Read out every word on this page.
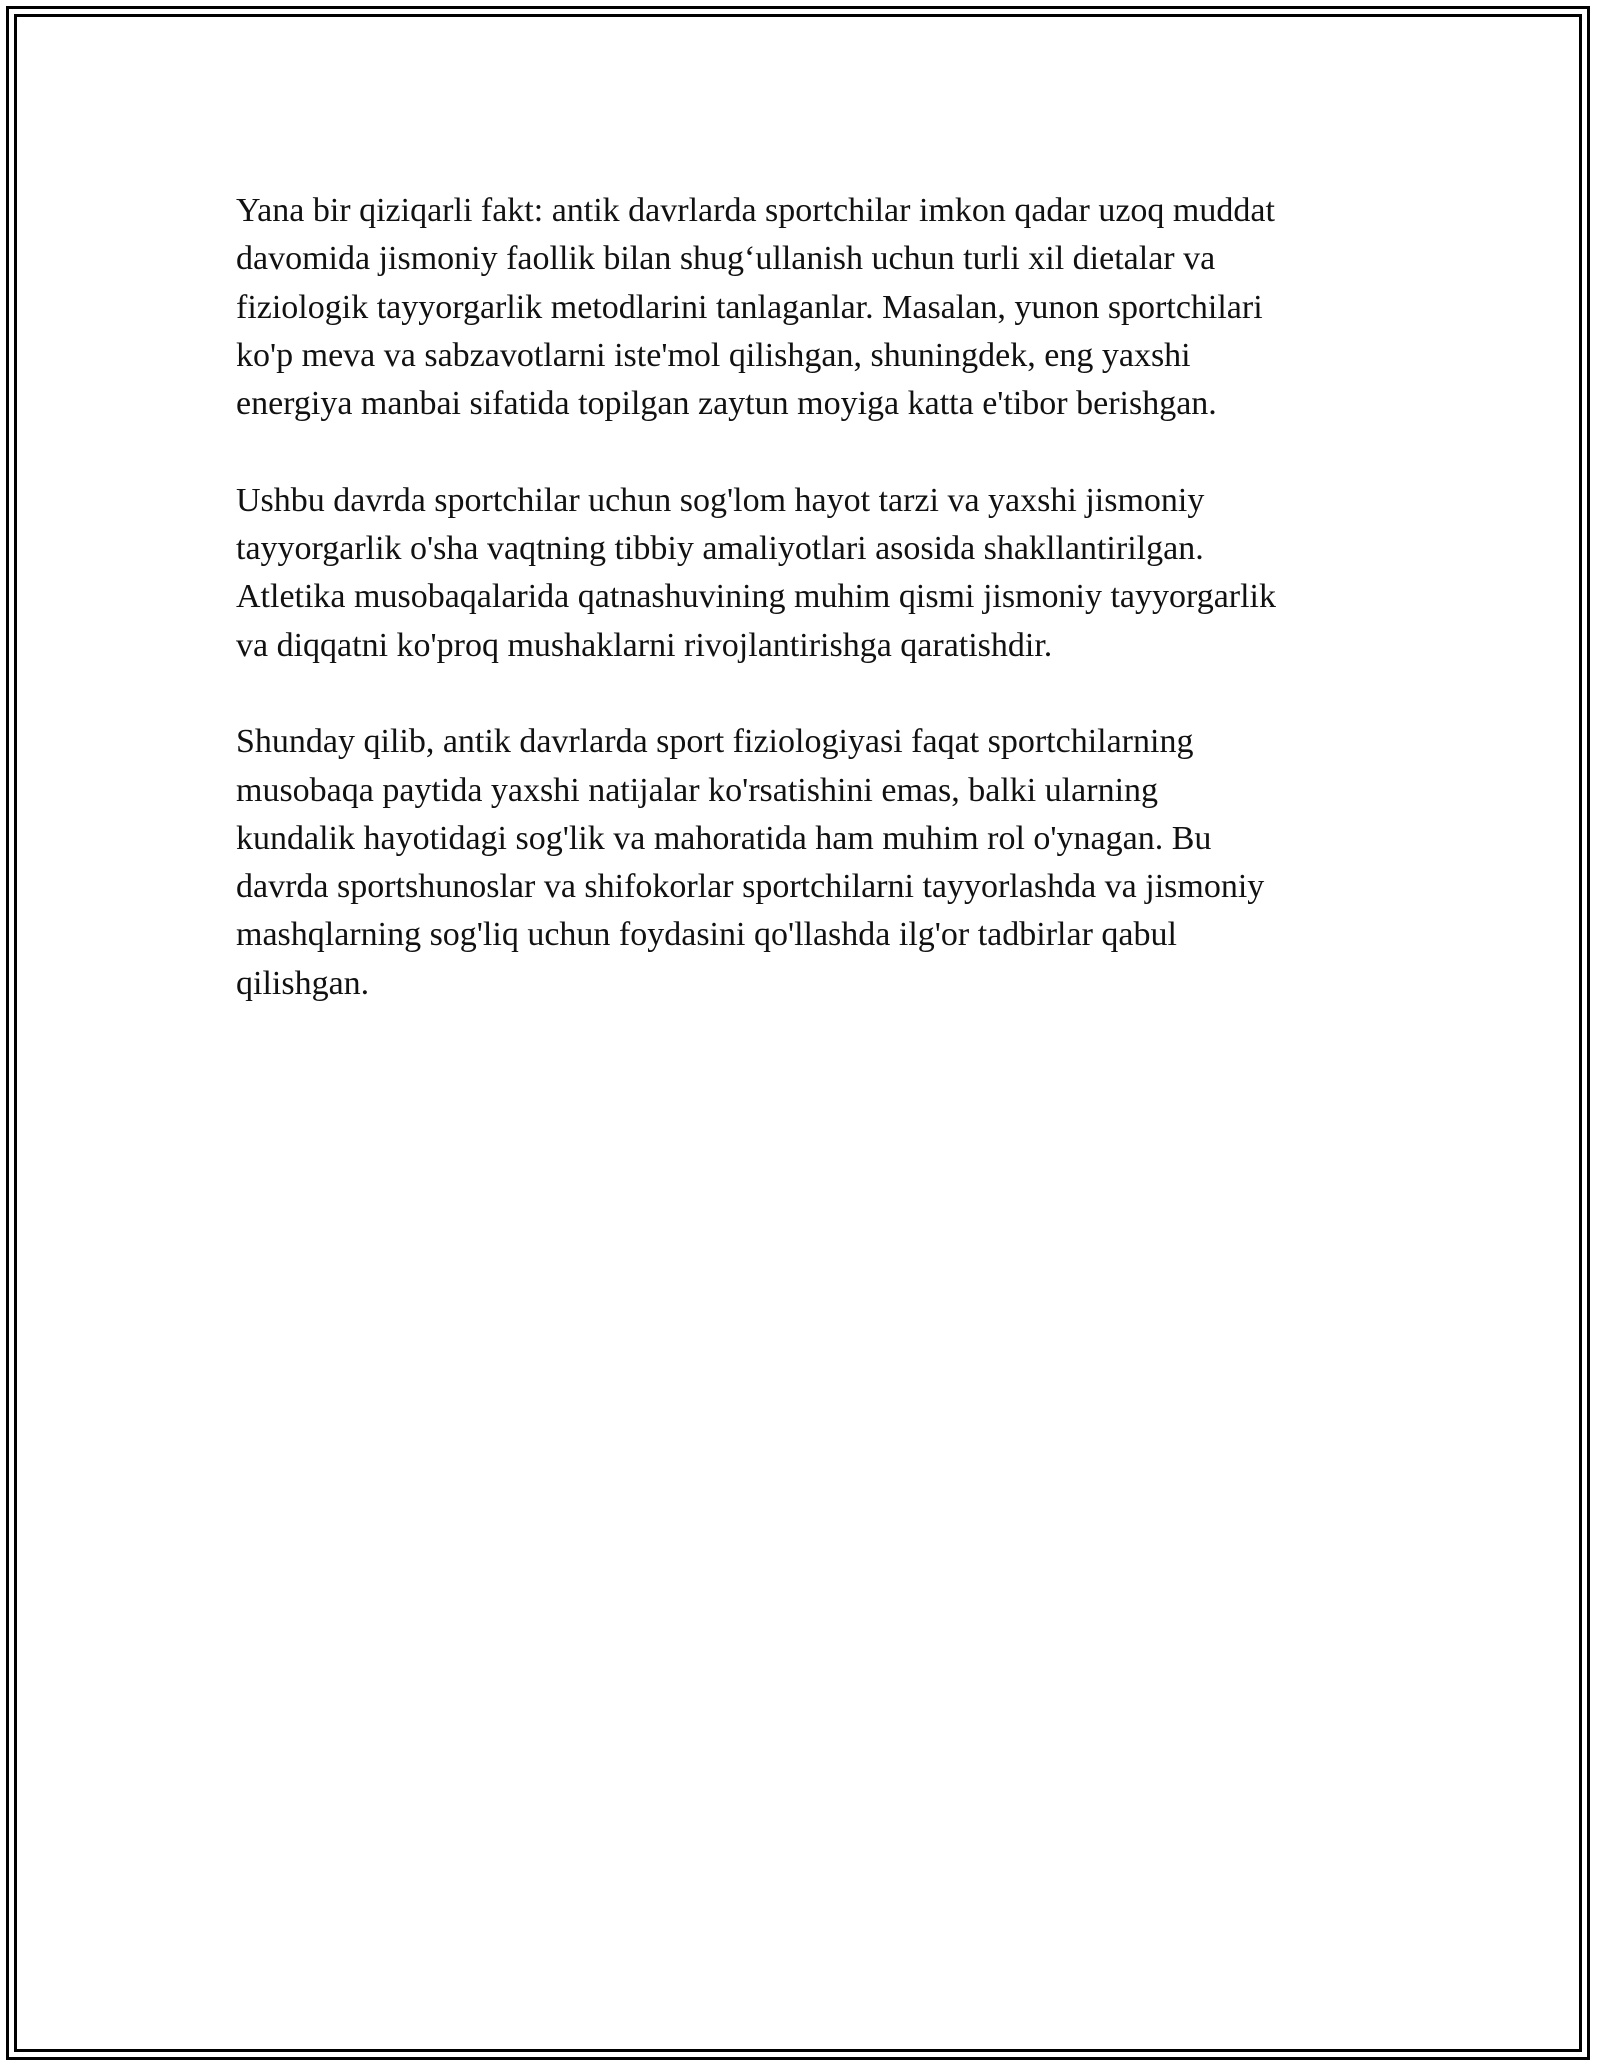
Yana bir qiziqarli fakt: antik davrlarda sportchilar imkon qadar uzoq muddat
davomida jismoniy faollik bilan shug‘ullanish uchun turli xil dietalar va
fiziologik tayyorgarlik metodlarini tanlaganlar. Masalan, yunon sportchilari
ko'p meva va sabzavotlarni iste'mol qilishgan, shuningdek, eng yaxshi
energiya manbai sifatida topilgan zaytun moyiga katta e'tibor berishgan.

Ushbu davrda sportchilar uchun sog'lom hayot tarzi va yaxshi jismoniy
tayyorgarlik o'sha vaqtning tibbiy amaliyotlari asosida shakllantirilgan.
Atletika musobaqalarida qatnashuvining muhim qismi jismoniy tayyorgarlik
va diqqatni ko'proq mushaklarni rivojlantirishga qaratishdir.

Shunday qilib, antik davrlarda sport fiziologiyasi faqat sportchilarning
musobaqa paytida yaxshi natijalar ko'rsatishini emas, balki ularning
kundalik hayotidagi sog'lik va mahoratida ham muhim rol o'ynagan. Bu
davrda sportshunoslar va shifokorlar sportchilarni tayyorlashda va jismoniy
mashqlarning sog'liq uchun foydasini qo'llashda ilg'or tadbirlar qabul
qilishgan.
